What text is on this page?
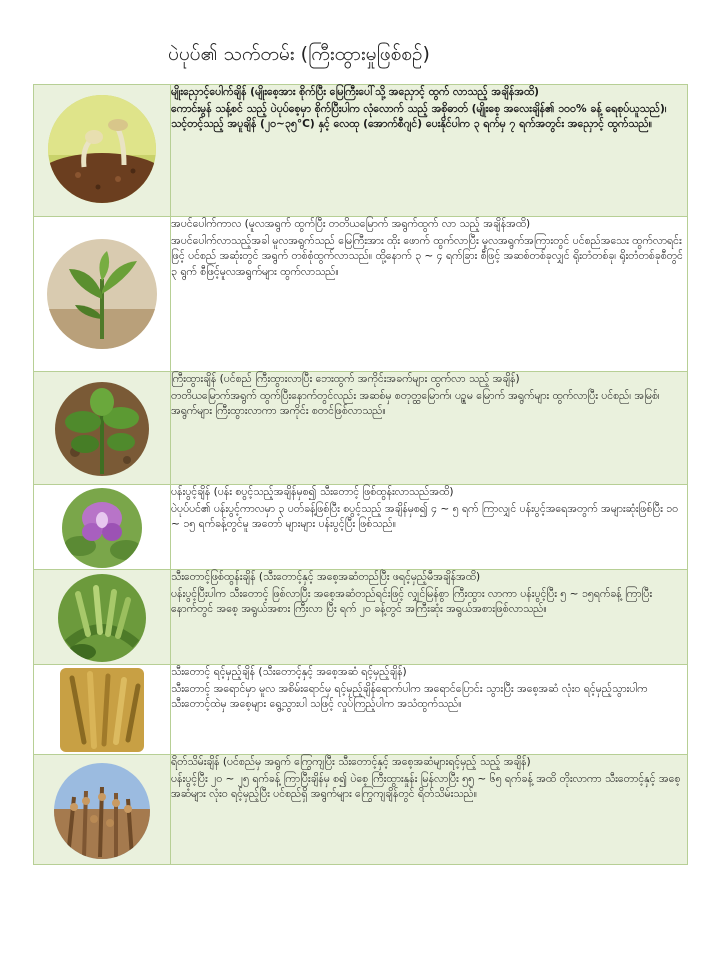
ပဲပုပ်၏ သက်တမ်း (ကြီးထွားမှုဖြစ်စဉ်)

မျိုးညှောင့်ပေါက်ချိန် (မျိုးစေ့အား စိုက်ပြီး မြေကြီးပေါ်သို့ အညှောင့် ထွက် လာသည့် အချိန်အထိ)
ကောင်းမွန် သန့်စင် သည့် ပဲပုပ်စေ့မှာ စိုက်ပြီးပါက လုံလောက် သည့် အစိုဓာတ် (မျိုးစေ့ အလေးချိန်၏ ၁၀၀% ခန့် ရေစုပ်ယူသည်)၊ သင့်တင့်သည့် အပူချိန် (၂၀~၃၅°C) နှင့် လေထု (အောက်စီဂျင်) ပေးနိုင်ပါက ၃ ရက်မှ ၇ ရက်အတွင်း အညှောင့် ထွက်သည်။

အပင်ပေါက်ကာလ (မူလအရွက် ထွက်ပြီး တတိယမြောက် အရွက်ထွက် လာ သည့် အချိန်အထိ)
အပင်ပေါက်လာသည့်အခါ မူလအရွက်သည် မြေကြီးအား ထိုး ဖောက် ထွက်လာပြီး မူလအရွက်အကြားတွင် ပင်စည်အသေး ထွက်လာရင်းဖြင့် ပင်စည် အဆုံးတွင် အရွက် တစ်စုံထွက်လာသည်။ ထို့နောက် ၃ ~ ၄ ရက်ခြား စီဖြင့် အဆစ်တစ်ခုလျှင် ရိုးတံတစ်ခု၊ ရိုးတံတစ်ခုစီတွင် ၃ ရွက် စီဖြင့်မူလအရွက်များ ထွက်လာသည်။

ကြီးထွားချိန် (ပင်စည် ကြီးထွားလာပြီး ဘေးထွက် အကိုင်းအခက်များ ထွက်လာ သည့် အချိန်)
တတိယမြောက်အရွက် ထွက်ပြီးနောက်တွင်လည်း အဆစ်မှ စတုတ္ထမြောက်၊ ပဉ္စမ မြောက် အရွက်များ ထွက်လာပြီး ပင်စည်၊ အမြစ်၊ အရွက်များ ကြီးထွားလာကာ အကိုင်း စတင်ဖြစ်လာသည်။

ပန်းပွင့်ချိန် (ပန်း စပွင့်သည့်အချိန်မှစ၍ သီးတောင့် ဖြစ်ထွန်းလာသည်အထိ)
ပဲပုပ်ပင်၏ ပန်းပွင့်ကာလမှာ ၃ ပတ်ခန့်ဖြစ်ပြီး စပွင့်သည့် အချိန်မှစ၍ ၄ ~ ၅ ရက် ကြာလျှင် ပန်းပွင့်အရေအတွက် အများဆုံးဖြစ်ပြီး ၁၀ ~ ၁၅ ရက်ခန့်တွင်မူ အတော် များများ ပန်းပွင့်ပြီး ဖြစ်သည်။

သီးတောင့်ဖြစ်ထွန်းချိန် (သီးတောင့်နှင့် အစေ့အဆံတည်ပြီး ဖရင့်မှည့်မီအချိန်အထိ)
ပန်းပွင့်ပြီးပါက သီးတောင့် ဖြစ်လာပြီး အစေ့အဆံတည်ရင်းဖြင့် လျှင်မြန်စွာ ကြီးထွား လာကာ ပန်းပွင့်ပြီး ၅ ~ ၁၅ရက်ခန့် ကြာပြီးနောက်တွင် အစေ့ အရွယ်အစား ကြီးလာ ပြီး ရက် ၂၀ ခန့်တွင် အကြီးဆုံး အရွယ်အစားဖြစ်လာသည်။

သီးတောင့် ရင့်မှည့်ချိန် (သီးတောင့်နှင့် အစေ့အဆံ ရင့်မှည့်ချိန်)
သီးတောင့် အရောင်မှာ မူလ အစိမ်းရောင်မှ ရင့်မှည့်ချိန်ရောက်ပါက အရောင်ပြောင်း သွားပြီး အစေ့အဆံ လုံးဝ ရင့်မှည့်သွားပါက သီးတောင့်ထဲမှ အစေ့များ ရွေ့သွားပါ သဖြင့် လှုပ်ကြည့်ပါက အသံထွက်သည်။

ရိတ်သိမ်းချိန် (ပင်စည်မှ အရွက် ကြွေကျပြီး သီးတောင့်နှင့် အစေ့အဆံများရင့်မှည့် သည့် အချိန်)
ပန်းပွင့်ပြီး ၂၀ ~ ၂၅ ရက်ခန့် ကြာပြီးချိန်မှ စ၍ ပဲစေ့ ကြီးထွားနှုန်း မြန်လာပြီး ၅၅ ~ ၆၅ ရက်ခန့် အထိ တိုးလာကာ သီးတောင့်နှင့် အစေ့အဆံများ လုံးဝ ရင့်မှည့်ပြီး ပင်စည်ရှိ အရွက်များ ကြွေကျချိန်တွင် ရိတ်သိမ်းသည်။
